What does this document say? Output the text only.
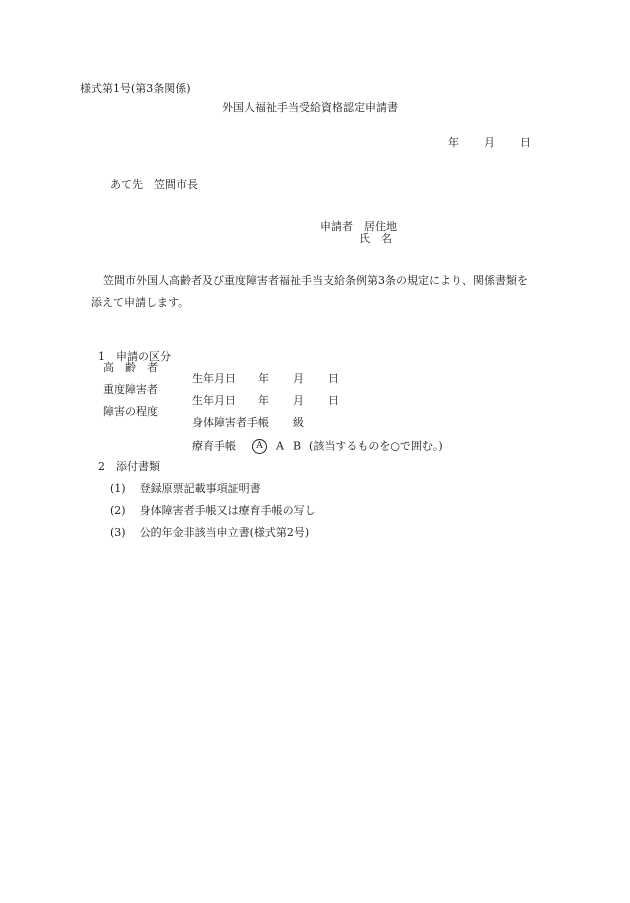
様式第1号(第3条関係)
外国人福祉手当受給資格認定申請書

年 月 日

あて先 笠間市長

申請者 居住地

氏　名
笠間市外国人高齢者及び重度障害者福祉手当支給条例第3条の規定により、関係書類を
添えて申請します。

1 申請の区分

高　齢　者

生年月日 年 月 日

重度障害者

生年月日 年 月 日

障害の程度

身体障害者手帳 級

療育手帳 A A B (該当するものを○で囲む。)

2 添付書類

(1) 登録原票記載事項証明書

(2) 身体障害者手帳又は療育手帳の写し

(3) 公的年金非該当申立書(様式第2号)
